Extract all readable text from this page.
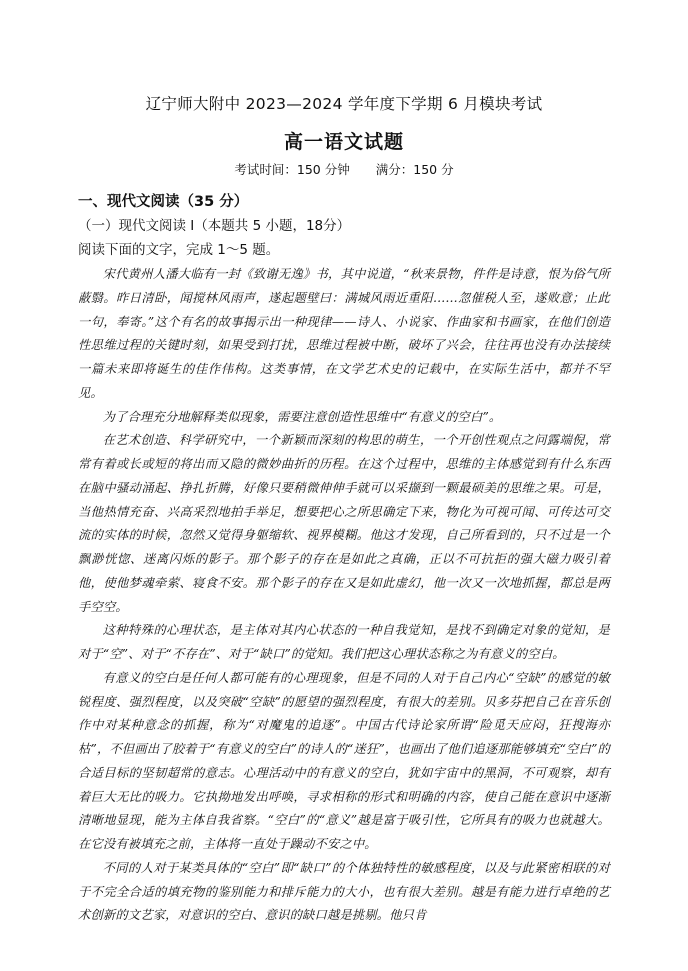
辽宁师大附中 2023—2024 学年度下学期 6 月模块考试
高一语文试题
考试时间：150 分钟 满分：150 分
一、现代文阅读（35 分）
（一）现代文阅读 I（本题共 5 小题，18分）
阅读下面的文字，完成 1～5 题。

宋代黄州人潘大临有一封《致谢无逸》书，其中说道，“秋来景物，件件是诗意，恨为俗气所蔽翳。昨日清卧，闻搅林风雨声，遂起题壁曰：满城风雨近重阳……忽催税人至，遂败意；止此一句，奉寄。”这个有名的故事揭示出一种现律——诗人、小说家、作曲家和书画家，在他们创造性思维过程的关键时刻，如果受到打扰，思维过程被中断，破坏了兴会，往往再也没有办法接续一篇未来即将诞生的佳作伟构。这类事情，在文学艺术史的记载中，在实际生活中，都并不罕见。

为了合理充分地解释类似现象，需要注意创造性思维中“有意义的空白”。

在艺术创造、科学研究中，一个新颖而深刻的构思的萌生，一个开创性观点之问露端倪，常常有着或长或短的将出而又隐的微妙曲折的历程。在这个过程中，思维的主体感觉到有什么东西在脑中骚动涌起、挣扎折腾，好像只要稍微伸伸手就可以采撷到一颗最硕美的思维之果。可是，当他热情充奋、兴高采烈地拍手举足，想要把心之所思确定下来，物化为可视可闻、可传达可交流的实体的时候，忽然又觉得身躯缩软、视界模糊。他这才发现，自己所看到的，只不过是一个飘渺恍惚、迷离闪烁的影子。那个影子的存在是如此之真确，正以不可抗拒的强大磁力吸引着他，使他梦魂牵萦、寝食不安。那个影子的存在又是如此虚幻，他一次又一次地抓握，都总是两手空空。

这种特殊的心理状态，是主体对其内心状态的一种自我觉知，是找不到确定对象的觉知，是对于“空”、对于“不存在”、对于“缺口”的觉知。我们把这心理状态称之为有意义的空白。

有意义的空白是任何人都可能有的心理现象，但是不同的人对于自己内心“空缺”的感觉的敏锐程度、强烈程度，以及突破“空缺”的愿望的强烈程度，有很大的差别。贝多芬把自己在音乐创作中对某种意念的抓握，称为“对魔鬼的追逐”。中国古代诗论家所谓“险觅天应闷，狂搜海亦枯”，不但画出了胶着于“有意义的空白”的诗人的“迷狂”，也画出了他们追逐那能够填充“空白”的合适目标的坚韧超常的意志。心理活动中的有意义的空白，犹如宇宙中的黑洞，不可观察，却有着巨大无比的吸力。它执拗地发出呼唤，寻求相称的形式和明确的内容，使自己能在意识中逐渐清晰地显现，能为主体自我省察。“空白”的“意义”越是富于吸引性，它所具有的吸力也就越大。在它没有被填充之前，主体将一直处于躁动不安之中。

不同的人对于某类具体的“空白”即“缺口”的个体独特性的敏感程度，以及与此紧密相联的对于不完全合适的填充物的鉴别能力和排斥能力的大小，也有很大差别。越是有能力进行卓绝的艺术创新的文艺家，对意识的空白、意识的缺口越是挑剔。他只肯
